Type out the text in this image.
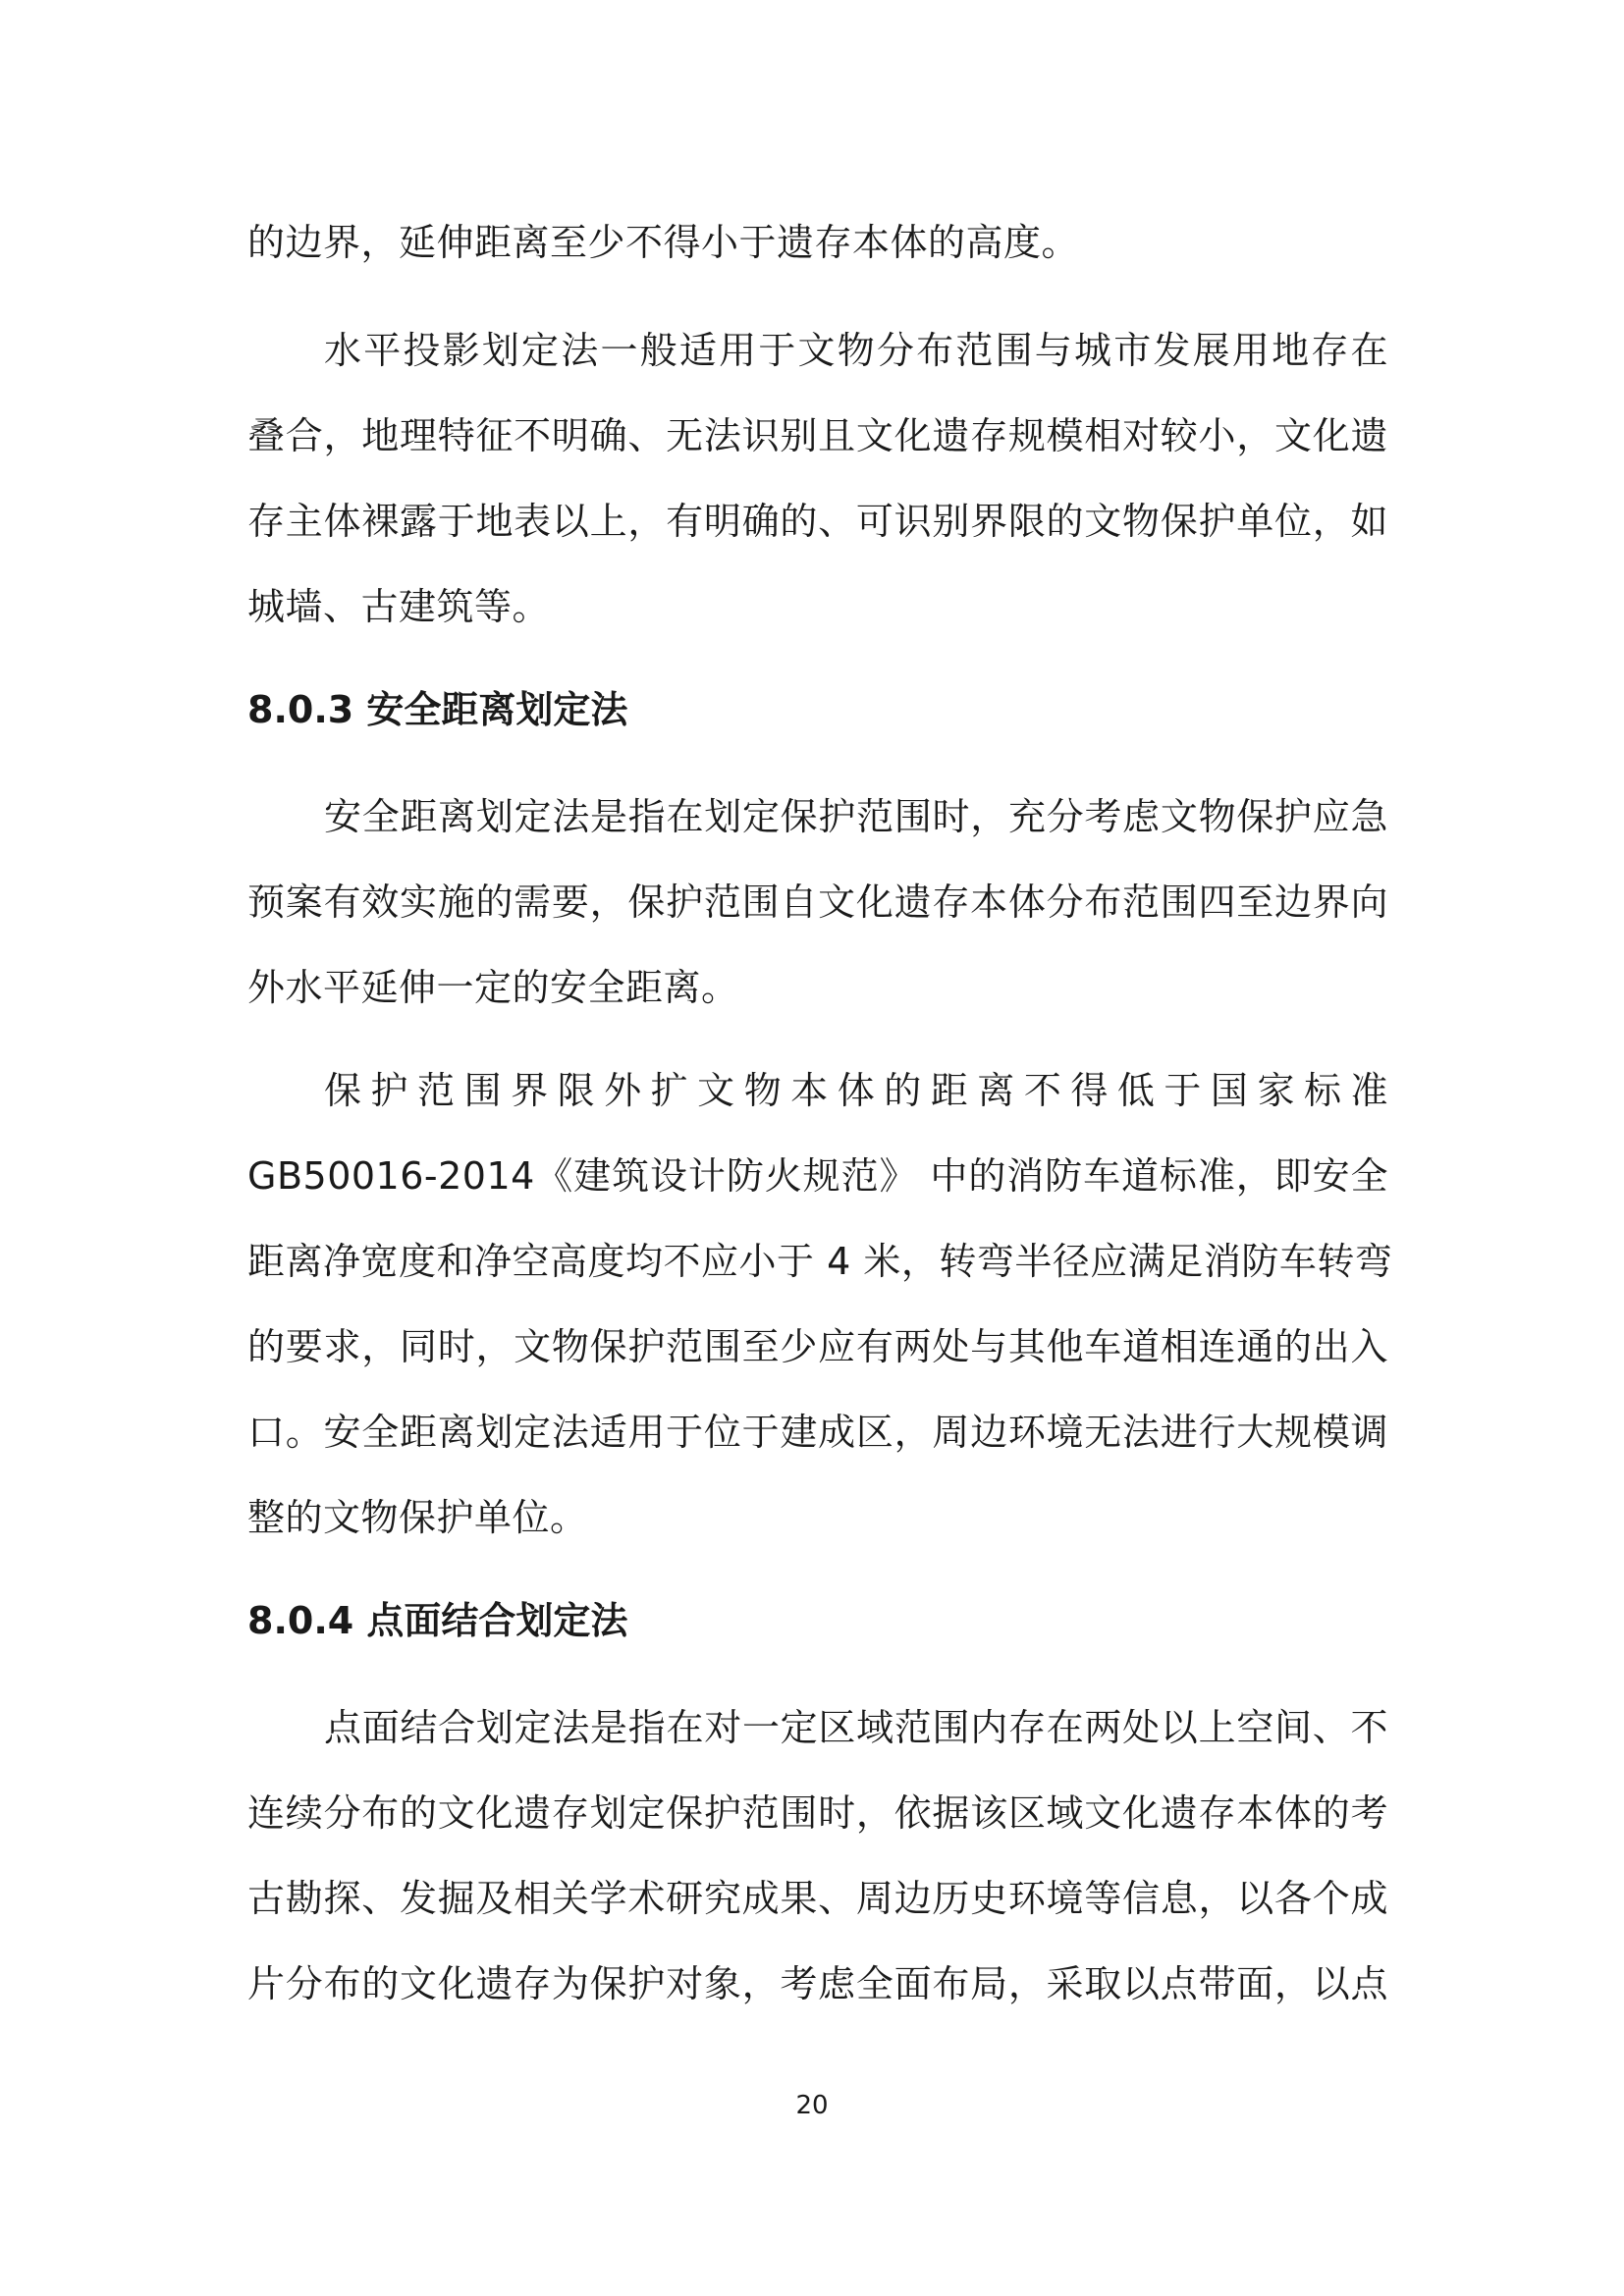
的边界，延伸距离至少不得小于遗存本体的高度。
水平投影划定法一般适用于文物分布范围与城市发展用地存在
叠合，地理特征不明确、无法识别且文化遗存规模相对较小，文化遗
存主体裸露于地表以上，有明确的、可识别界限的文物保护单位，如
城墙、古建筑等。
8.0.3 安全距离划定法
安全距离划定法是指在划定保护范围时，充分考虑文物保护应急
预案有效实施的需要，保护范围自文化遗存本体分布范围四至边界向
外水平延伸一定的安全距离。
保护范围界限外扩文物本体的距离不得低于国家标准
GB50016-2014《建筑设计防火规范》 中的消防车道标准，即安全
距离净宽度和净空高度均不应小于 4 米，转弯半径应满足消防车转弯
的要求，同时，文物保护范围至少应有两处与其他车道相连通的出入
口。安全距离划定法适用于位于建成区，周边环境无法进行大规模调
整的文物保护单位。
8.0.4 点面结合划定法
点面结合划定法是指在对一定区域范围内存在两处以上空间、不
连续分布的文化遗存划定保护范围时，依据该区域文化遗存本体的考
古勘探、发掘及相关学术研究成果、周边历史环境等信息，以各个成
片分布的文化遗存为保护对象，考虑全面布局，采取以点带面，以点
20
